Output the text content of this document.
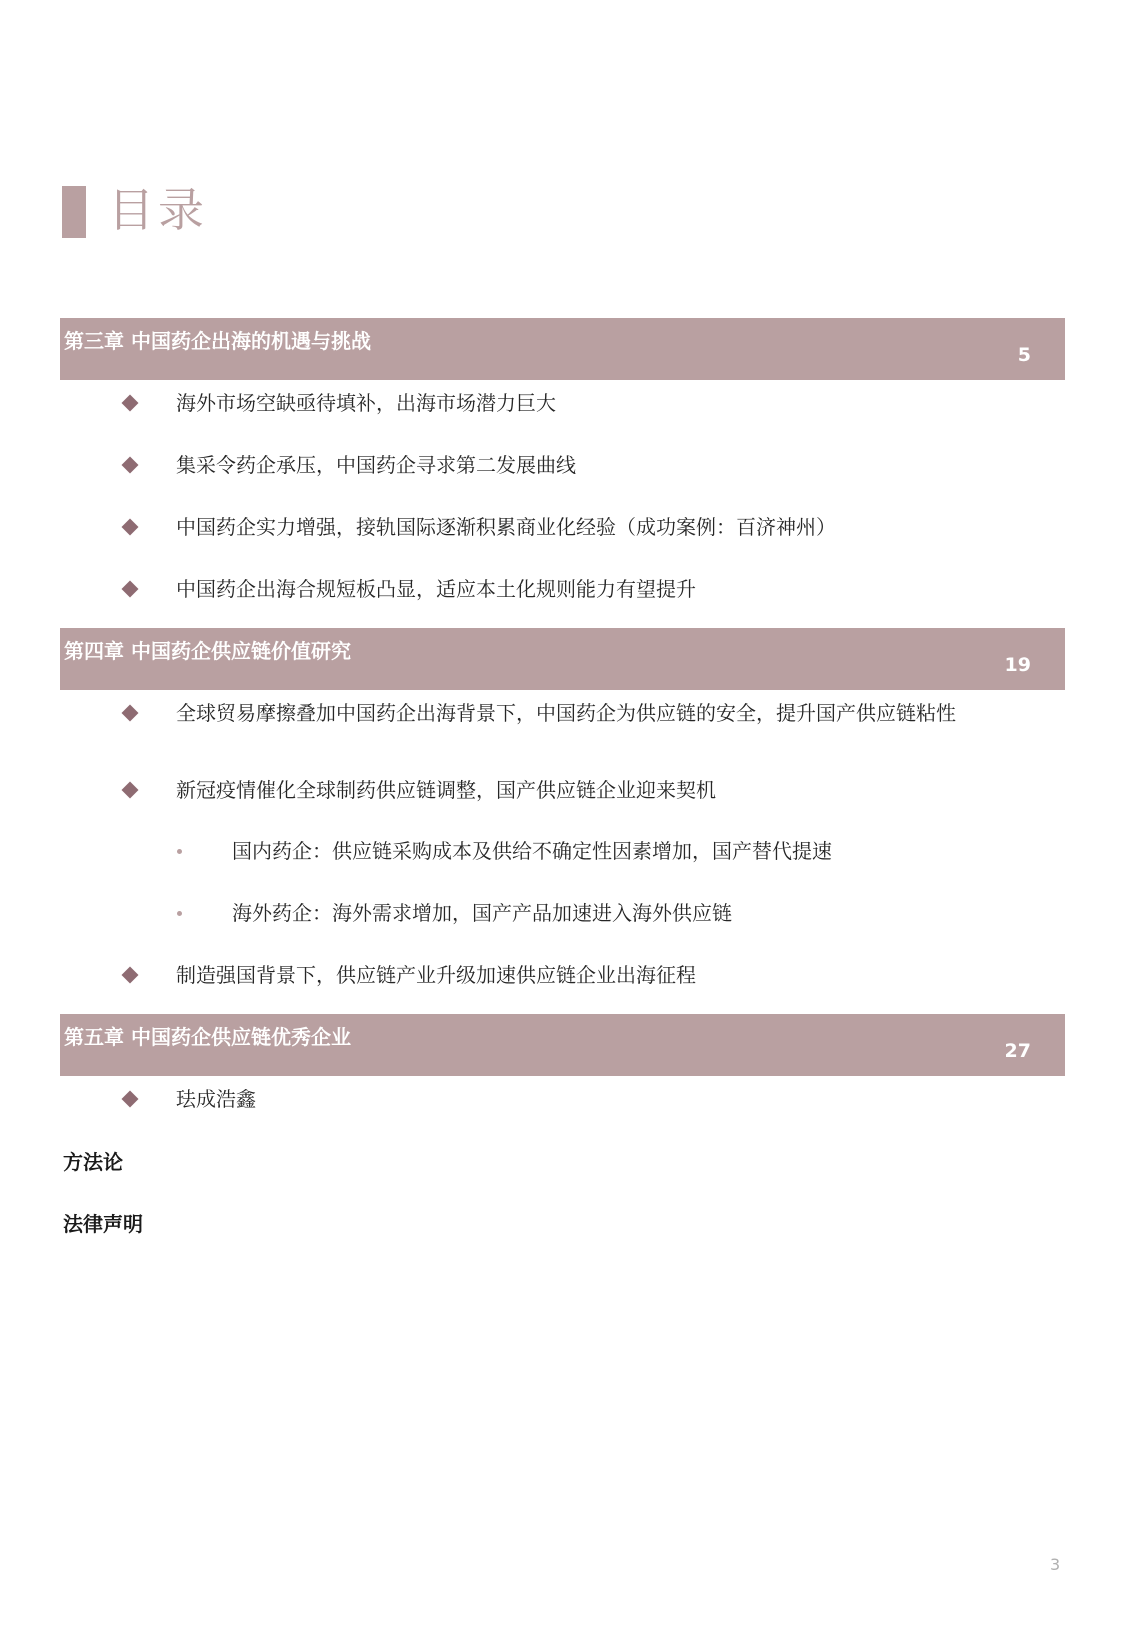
目录
第三章 中国药企出海的机遇与挑战
5
海外市场空缺亟待填补，出海市场潜力巨大
集采令药企承压，中国药企寻求第二发展曲线
中国药企实力增强，接轨国际逐渐积累商业化经验（成功案例：百济神州）
中国药企出海合规短板凸显，适应本土化规则能力有望提升
第四章 中国药企供应链价值研究
19
全球贸易摩擦叠加中国药企出海背景下，中国药企为供应链的安全，提升国产供应链粘性
新冠疫情催化全球制药供应链调整，国产供应链企业迎来契机
国内药企：供应链采购成本及供给不确定性因素增加，国产替代提速
海外药企：海外需求增加，国产产品加速进入海外供应链
制造强国背景下，供应链产业升级加速供应链企业出海征程
第五章 中国药企供应链优秀企业
27
珐成浩鑫
方法论
法律声明
3
